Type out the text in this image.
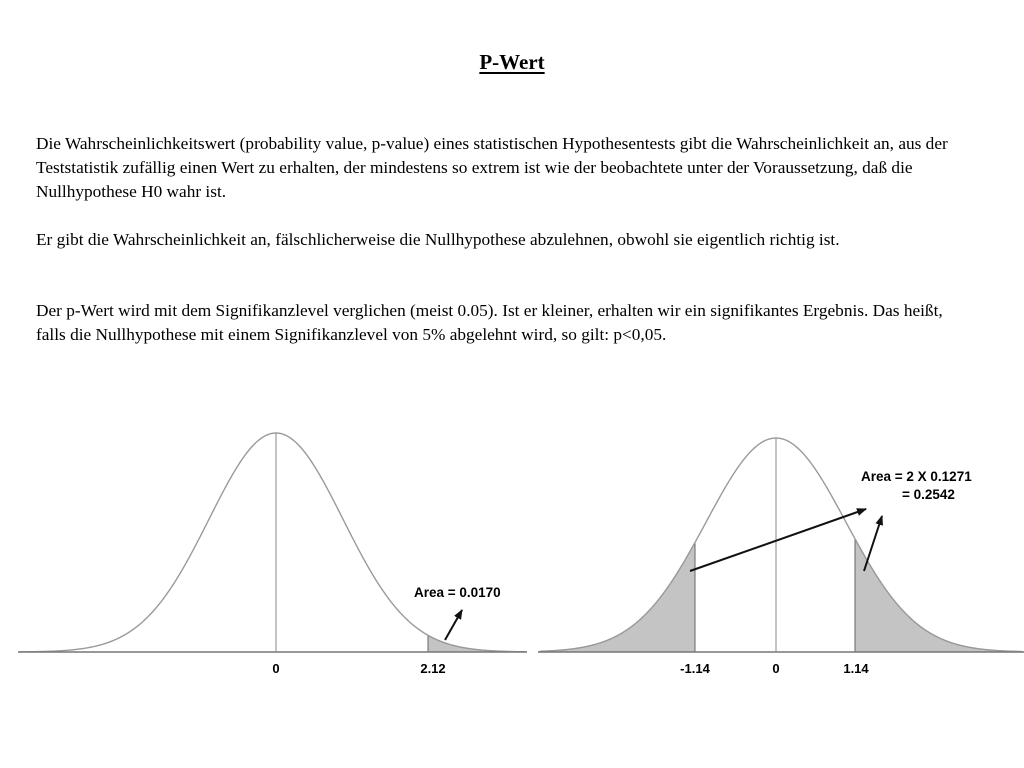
P-Wert

Die Wahrscheinlichkeitswert (probability value, p-value) eines statistischen Hypothesentests gibt die Wahrscheinlichkeit an, aus der Teststatistik zufällig einen Wert zu erhalten, der mindestens so extrem ist wie der beobachtete unter der Voraussetzung, daß die Nullhypothese H0 wahr ist.

Er gibt die Wahrscheinlichkeit an, fälschlicherweise die Nullhypothese abzulehnen, obwohl sie eigentlich richtig ist.

Der p-Wert wird mit dem Signifikanzlevel verglichen (meist 0.05). Ist er kleiner, erhalten wir ein signifikantes Ergebnis. Das heißt, falls die Nullhypothese mit einem Signifikanzlevel von 5% abgelehnt wird, so gilt: p<0,05.

0	2.12
Area = 0.0170
-1.14	0	1.14
Area = 2 X 0.1271
= 0.2542
